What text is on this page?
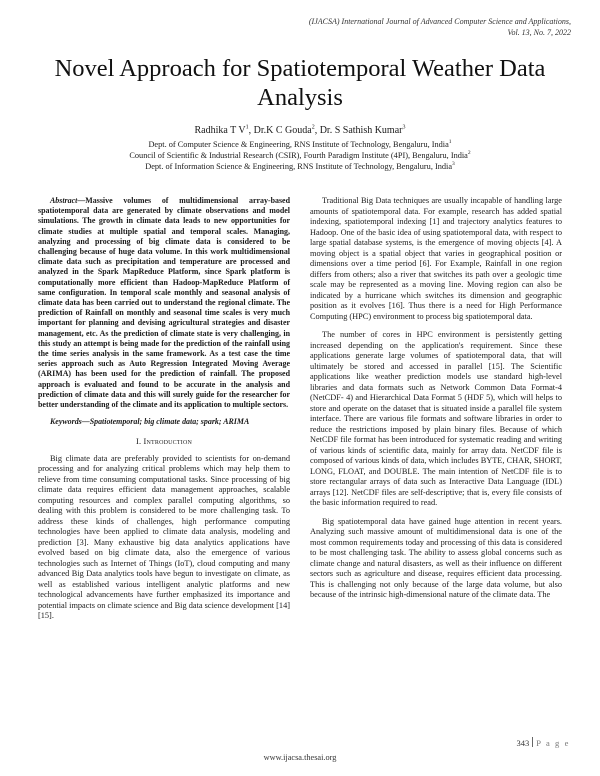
(IJACSA) International Journal of Advanced Computer Science and Applications,
Vol. 13, No. 7, 2022
Novel Approach for Spatiotemporal Weather Data Analysis
Radhika T $V^1$, Dr.K C Gouda$^2$, Dr. S Sathish Kumar$^3$
Dept. of Computer Science & Engineering, RNS Institute of Technology, Bengaluru, India$^1$
Council of Scientific & Industrial Research (CSIR), Fourth Paradigm Institute (4PI), Bengaluru, India$^2$
Dept. of Information Science & Engineering, RNS Institute of Technology, Bengaluru, India$^3$

Abstract—Massive volumes of multidimensional array-based spatiotemporal data are generated by climate observations and model simulations. The growth in climate data leads to new opportunities for climate studies at multiple spatial and temporal scales. Managing, analyzing and processing of big climate data is considered to be challenging because of huge data volume. In this work multidimensional climate data such as precipitation and temperature are processed and analyzed in the Spark MapReduce Platform, since Spark platform is computationally more efficient than Hadoop-MapReduce Platform of same configuration. In temporal scale monthly and seasonal analysis of climate data has been carried out to understand the regional climate. The prediction of Rainfall on monthly and seasonal time scales is very much important for planning and devising agricultural strategies and disaster management, etc. As the prediction of climate state is very challenging, in this study an attempt is being made for the prediction of the rainfall using the time series analysis in the same framework. As a test case the time series approach such as Auto Regression Integrated Moving Average (ARIMA) has been used for the prediction of rainfall. The proposed approach is evaluated and found to be accurate in the analysis and prediction of climate data and this will surely guide for the researcher for better understanding of the climate and its application to multiple sectors.

Keywords—Spatiotemporal; big climate data; spark; ARIMA

I. Introduction

Big climate data are preferably provided to scientists for on-demand processing and for analyzing critical problems which may help them to relieve from time consuming computational tasks. Since processing of big climate data requires efficient data management approaches, scalable computing resources and complex parallel computing algorithms, so dealing with this problem is considered to be more challenging task. To address these kinds of challenges, high performance computing technologies have been applied to climate data analysis, modeling and prediction [3]. Many exhaustive big data analytics applications have evolved based on big climate data, also the emergence of various technologies such as Internet of Things (IoT), cloud computing and many advanced Big Data analytics tools have begun to investigate on climate, as well as established various intelligent analytic platforms and new technological advancements have further emphasized its importance and potential impacts on climate science and Big data science development [14][15].

Traditional Big Data techniques are usually incapable of handling large amounts of spatiotemporal data. For example, research has added spatial indexing, spatiotemporal indexing [1] and trajectory analytics features to Hadoop. One of the basic idea of using spatiotemporal data, with respect to large spatial database systems, is the emergence of moving objects [4]. A moving object is a spatial object that varies in geographical position or dimensions over a time period [6]. For Example, Rainfall in one region differs from others; also a river that switches its path over a geologic time scale may be represented as a moving line. Moving region can also be indicated by a hurricane which switches its dimension and geographic position as it evolves [16]. Thus there is a need for High Performance Computing (HPC) environment to process big spatiotemporal data.

The number of cores in HPC environment is persistently getting increased depending on the application's requirement. Since these applications generate large volumes of spatiotemporal data, that will ultimately be stored and accessed in parallel [15]. The Scientific applications like weather prediction models use standard high-level libraries and data formats such as Network Common Data Format-4 (NetCDF- 4) and Hierarchical Data Format 5 (HDF 5), which will helps to store and operate on the dataset that is situated inside a parallel file system interface. There are various file formats and software libraries in order to reduce the restrictions imposed by plain binary files. Because of which NetCDF file format has been introduced for systematic reading and writing of various kinds of scientific data, mainly for array data. NetCDF file is composed of various kinds of data, which includes BYTE, CHAR, SHORT, LONG, FLOAT, and DOUBLE. The main intention of NetCDF file is to store rectangular arrays of data such as Interactive Data Language (IDL) arrays [12]. NetCDF files are self-descriptive; that is, every file consists of the basic information required to read.

Big spatiotemporal data have gained huge attention in recent years. Analyzing such massive amount of multidimensional data is one of the most common requirements today and processing of this data is considered to be most challenging task. The ability to assess global concerns such as climate change and natural disasters, as well as their influence on different sectors such as agriculture and disease, requires efficient data processing. This is challenging not only because of the large data volume, but also because of the intrinsic high-dimensional nature of the climate data. The

343 P a g e
www.ijacsa.thesai.org
